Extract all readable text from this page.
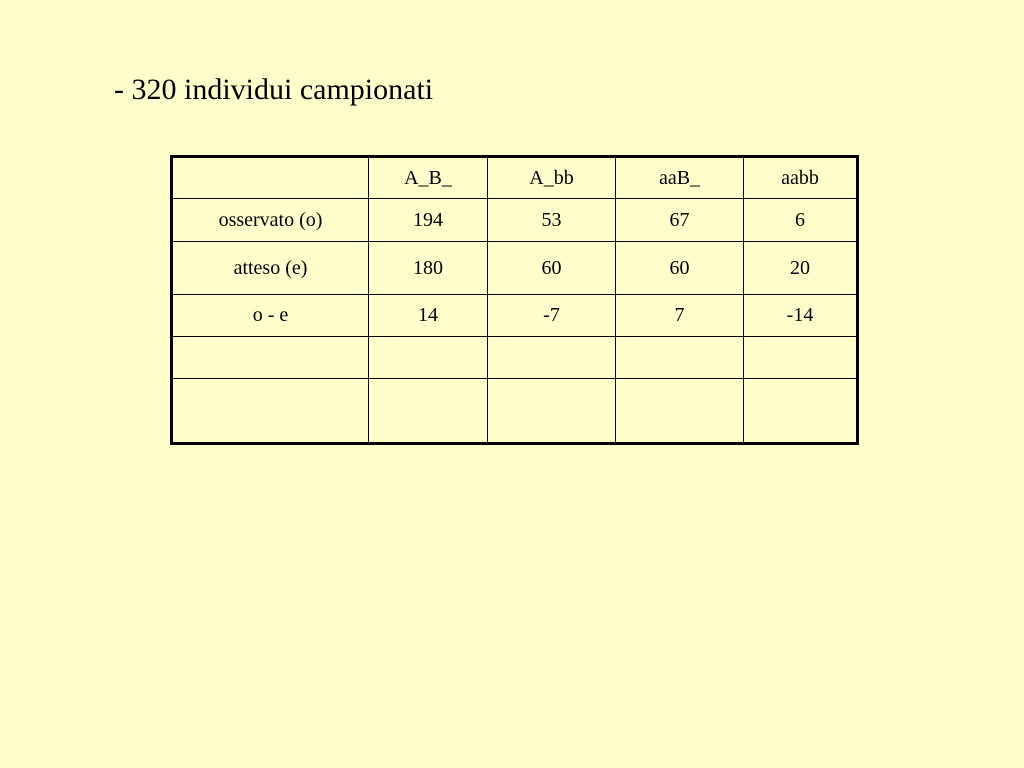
- 320 individui campionati
	A_B_	A_bb	aaB_	aabb
osservato (o)	194	53	67	6
atteso (e)	180	60	60	20
o - e	14	-7	7	-14
